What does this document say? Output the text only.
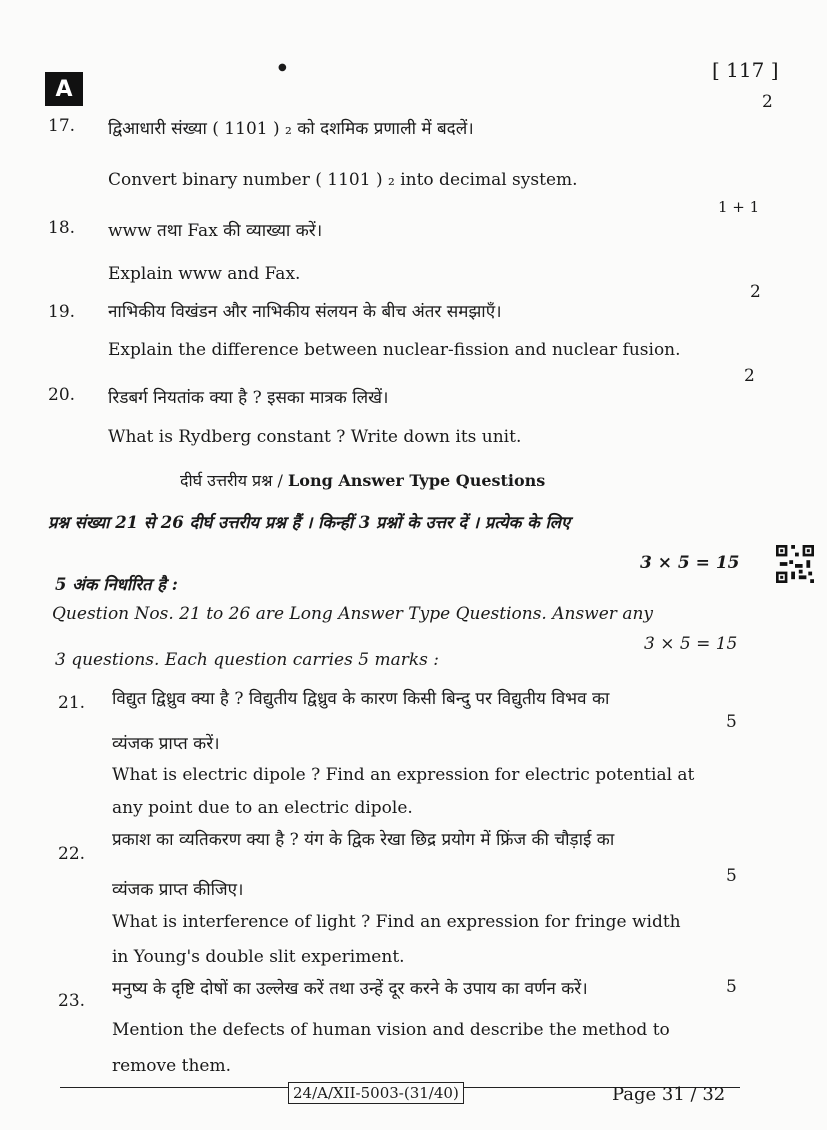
A
●	[ 117 ]
2
17. द्विआधारी संख्या ( 1101 ) ₂ को दशमिक प्रणाली में बदलें।
Convert binary number ( 1101 ) ₂ into decimal system.
1 + 1
18. www तथा Fax की व्याख्या करें।
Explain www and Fax.
2
19. नाभिकीय विखंडन और नाभिकीय संलयन के बीच अंतर समझाएँ।
Explain the difference between nuclear-fission and nuclear fusion.
2
20. रिडबर्ग नियतांक क्या है ? इसका मात्रक लिखें।
What is Rydberg constant ? Write down its unit.
दीर्घ उत्तरीय प्रश्न / Long Answer Type Questions
प्रश्न संख्या 21 से 26 दीर्घ उत्तरीय प्रश्न हैं । किन्हीं 3 प्रश्नों के उत्तर दें । प्रत्येक के लिए
3 × 5 = 15
5 अंक निर्धारित है :
Question Nos. 21 to 26 are Long Answer Type Questions. Answer any
3 × 5 = 15
3 questions. Each question carries 5 marks :
21. विद्युत द्विध्रुव क्या है ? विद्युतीय द्विध्रुव के कारण किसी बिन्दु पर विद्युतीय विभव का
5
व्यंजक प्राप्त करें।
What is electric dipole ? Find an expression for electric potential at
any point due to an electric dipole.
22.
प्रकाश का व्यतिकरण क्या है ? यंग के द्विक रेखा छिद्र प्रयोग में फ्रिंज की चौड़ाई का
5
व्यंजक प्राप्त कीजिए।
What is interference of light ? Find an expression for fringe width
in Young's double slit experiment.
23.
मनुष्य के दृष्टि दोषों का उल्लेख करें तथा उन्हें दूर करने के उपाय का वर्णन करें।	5
Mention the defects of human vision and describe the method to
remove them.
24/A/XII-5003-(31/40)	Page 31 / 32
